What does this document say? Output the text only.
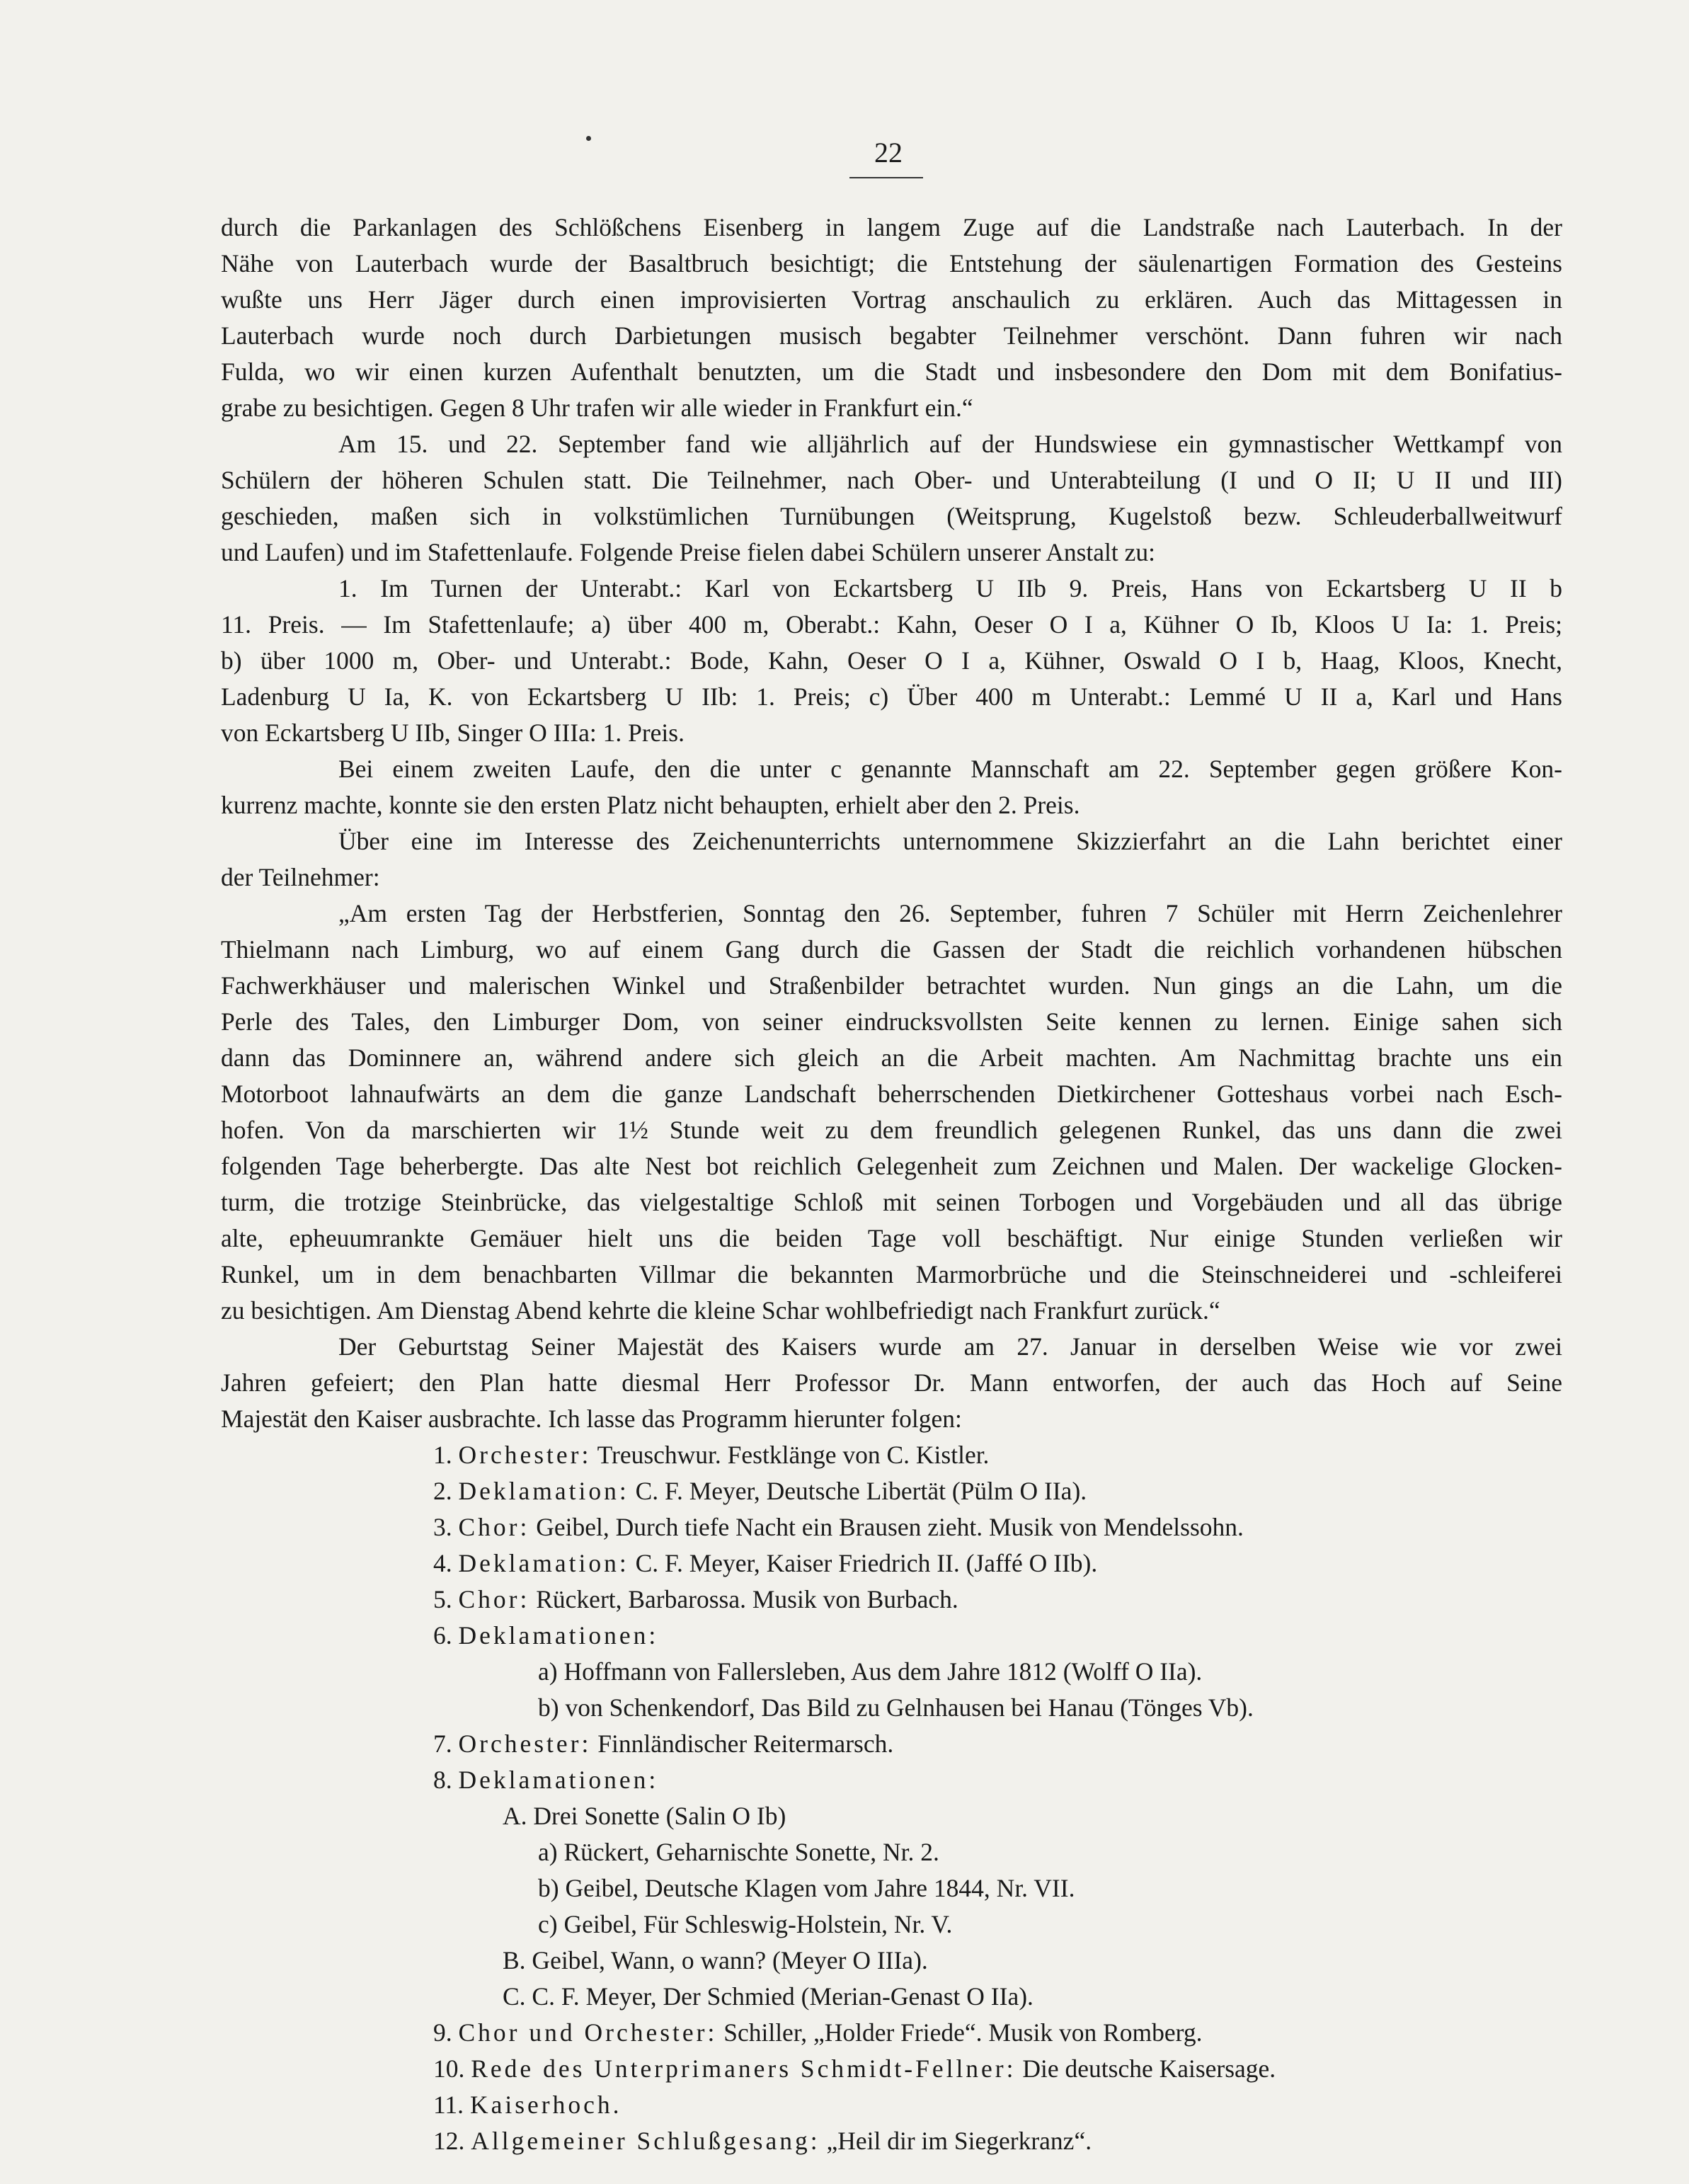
22
durch die Parkanlagen des Schlößchens Eisenberg in langem Zuge auf die Landstraße nach Lauterbach. In der
Nähe von Lauterbach wurde der Basaltbruch besichtigt; die Entstehung der säulenartigen Formation des Gesteins
wußte uns Herr Jäger durch einen improvisierten Vortrag anschaulich zu erklären. Auch das Mittagessen in
Lauterbach wurde noch durch Darbietungen musisch begabter Teilnehmer verschönt. Dann fuhren wir nach
Fulda, wo wir einen kurzen Aufenthalt benutzten, um die Stadt und insbesondere den Dom mit dem Bonifatius-
grabe zu besichtigen. Gegen 8 Uhr trafen wir alle wieder in Frankfurt ein.“
Am 15. und 22. September fand wie alljährlich auf der Hundswiese ein gymnastischer Wettkampf von
Schülern der höheren Schulen statt. Die Teilnehmer, nach Ober- und Unterabteilung (I und O II; U II und III)
geschieden, maßen sich in volkstümlichen Turnübungen (Weitsprung, Kugelstoß bezw. Schleuderballweitwurf
und Laufen) und im Stafettenlaufe. Folgende Preise fielen dabei Schülern unserer Anstalt zu:
1. Im Turnen der Unterabt.: Karl von Eckartsberg U IIb 9. Preis, Hans von Eckartsberg U II b
11. Preis. — Im Stafettenlaufe; a) über 400 m, Oberabt.: Kahn, Oeser O I a, Kühner O Ib, Kloos U Ia: 1. Preis;
b) über 1000 m, Ober- und Unterabt.: Bode, Kahn, Oeser O I a, Kühner, Oswald O I b, Haag, Kloos, Knecht,
Ladenburg U Ia, K. von Eckartsberg U IIb: 1. Preis; c) Über 400 m Unterabt.: Lemmé U II a, Karl und Hans
von Eckartsberg U IIb, Singer O IIIa: 1. Preis.
Bei einem zweiten Laufe, den die unter c genannte Mannschaft am 22. September gegen größere Kon-
kurrenz machte, konnte sie den ersten Platz nicht behaupten, erhielt aber den 2. Preis.
Über eine im Interesse des Zeichenunterrichts unternommene Skizzierfahrt an die Lahn berichtet einer
der Teilnehmer:
„Am ersten Tag der Herbstferien, Sonntag den 26. September, fuhren 7 Schüler mit Herrn Zeichenlehrer
Thielmann nach Limburg, wo auf einem Gang durch die Gassen der Stadt die reichlich vorhandenen hübschen
Fachwerkhäuser und malerischen Winkel und Straßenbilder betrachtet wurden. Nun gings an die Lahn, um die
Perle des Tales, den Limburger Dom, von seiner eindrucksvollsten Seite kennen zu lernen. Einige sahen sich
dann das Dominnere an, während andere sich gleich an die Arbeit machten. Am Nachmittag brachte uns ein
Motorboot lahnaufwärts an dem die ganze Landschaft beherrschenden Dietkirchener Gotteshaus vorbei nach Esch-
hofen. Von da marschierten wir 1½ Stunde weit zu dem freundlich gelegenen Runkel, das uns dann die zwei
folgenden Tage beherbergte. Das alte Nest bot reichlich Gelegenheit zum Zeichnen und Malen. Der wackelige Glocken-
turm, die trotzige Steinbrücke, das vielgestaltige Schloß mit seinen Torbogen und Vorgebäuden und all das übrige
alte, epheuumrankte Gemäuer hielt uns die beiden Tage voll beschäftigt. Nur einige Stunden verließen wir
Runkel, um in dem benachbarten Villmar die bekannten Marmorbrüche und die Steinschneiderei und -schleiferei
zu besichtigen. Am Dienstag Abend kehrte die kleine Schar wohlbefriedigt nach Frankfurt zurück.“
Der Geburtstag Seiner Majestät des Kaisers wurde am 27. Januar in derselben Weise wie vor zwei
Jahren gefeiert; den Plan hatte diesmal Herr Professor Dr. Mann entworfen, der auch das Hoch auf Seine
Majestät den Kaiser ausbrachte. Ich lasse das Programm hierunter folgen:
1. Orchester: Treuschwur. Festklänge von C. Kistler.
2. Deklamation: C. F. Meyer, Deutsche Libertät (Pülm O IIa).
3. Chor: Geibel, Durch tiefe Nacht ein Brausen zieht. Musik von Mendelssohn.
4. Deklamation: C. F. Meyer, Kaiser Friedrich II. (Jaffé O IIb).
5. Chor: Rückert, Barbarossa. Musik von Burbach.
6. Deklamationen:
a) Hoffmann von Fallersleben, Aus dem Jahre 1812 (Wolff O IIa).
b) von Schenkendorf, Das Bild zu Gelnhausen bei Hanau (Tönges Vb).
7. Orchester: Finnländischer Reitermarsch.
8. Deklamationen:
A. Drei Sonette (Salin O Ib)
a) Rückert, Geharnischte Sonette, Nr. 2.
b) Geibel, Deutsche Klagen vom Jahre 1844, Nr. VII.
c) Geibel, Für Schleswig-Holstein, Nr. V.
B. Geibel, Wann, o wann? (Meyer O IIIa).
C. C. F. Meyer, Der Schmied (Merian-Genast O IIa).
9. Chor und Orchester: Schiller, „Holder Friede“. Musik von Romberg.
10. Rede des Unterprimaners Schmidt-Fellner: Die deutsche Kaisersage.
11. Kaiserhoch.
12. Allgemeiner Schlußgesang: „Heil dir im Siegerkranz“.
